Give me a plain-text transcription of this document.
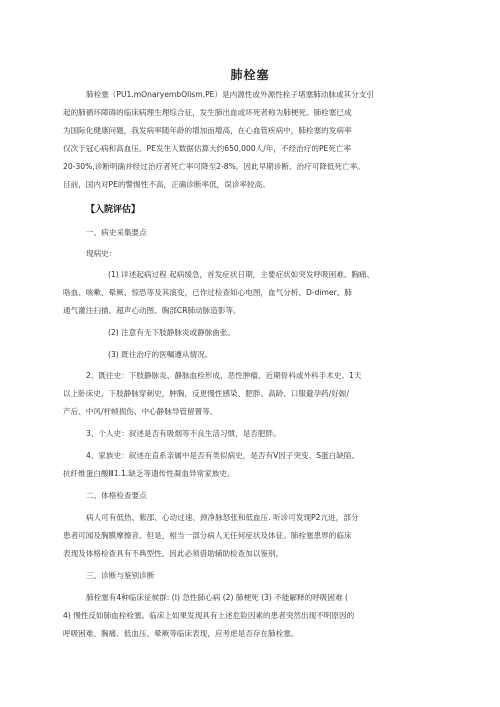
肺栓塞
肺栓塞（PU1.mOnaryembOlism,PE）是内源性或外源性栓子堵塞肺动脉或其分支引
起的肺循环障碍的临床病理生理综合征，发生肺出血或坏死者称为肺梗死。肺栓塞已成
为国际化健康问题，我发病率随年龄的增加而增高，在心血管疾病中，肺栓塞的发病率
仅次于冠心病和高血压。PE发生人数据估算大约650,000人/年，不经治疗的PE死亡率
20-30%,诊断明确并经过治疗者死亡率可降至2-8%。因此早期诊断、治疗可降低死亡率。
目前，国内对PE的警惕性不高，正确诊断率低，误诊率较高。
【入院评估】
一、病史采集要点
现病史：
(1) 详述起病过程 起病缓急，首发症状日期，主要症状如突发呼吸困难、胸痛、
咯血、咳嗽、晕厥、惊恐等及其演变，已作过检查如心电图，血气分析、D-dimer、肺
通气灌注扫描、超声心动图、胸部CR肺动脉造影等。
(2) 注意有无下肢静脉炎或静脉曲张。
(3) 既往治疗的医嘱遵从情况。
2、既往史：下肢静脉炎、静脉血栓形成、恶性肿瘤、近期骨科或外科手术史、1天
以上卧床史，下肢静脉穿刺史，肿胸，反更慢性感染、肥胖、高龄、口服避孕药/好娠/
产后、中风/杆帧损伤、中心静脉导管留置等。
3、个人史：叙述是否有吸烟等不良生活习惯，是否肥胖。
4、家族史：叙述在直系亲属中是否有类似病史，是否有V因子突变、S蛋白缺陷、
抗纤维蛋白酸Ⅲ1.1.缺乏等遗传性凝血异常家族史。
二、体格检查要点
病人可有低热、紫邵、心动过速、颈净脉怒张和低血压. 听诊可发现P2亢进，部分
患者可闻及胸膜摩擦音。但是，相当一部分病人无任何症状及体征。肺栓塞患界的临床
表现及体格检查具有不典型性，因此必须借助辅助检查加以鉴别。
三、诊断与鉴别诊断
肺栓塞有4种临床征候群: (I) 急性肺心病 (2) 肺梗死 (3) 不能解释的呼吸困难 (
4) 慢性反如肺血栓栓塞。临床上如果发现具有上述危险因素的患者突然出现不明原因的
呼吸困难、胸痛、低血压、晕厥等临床表现，应考虑是否存在肺栓塞。
